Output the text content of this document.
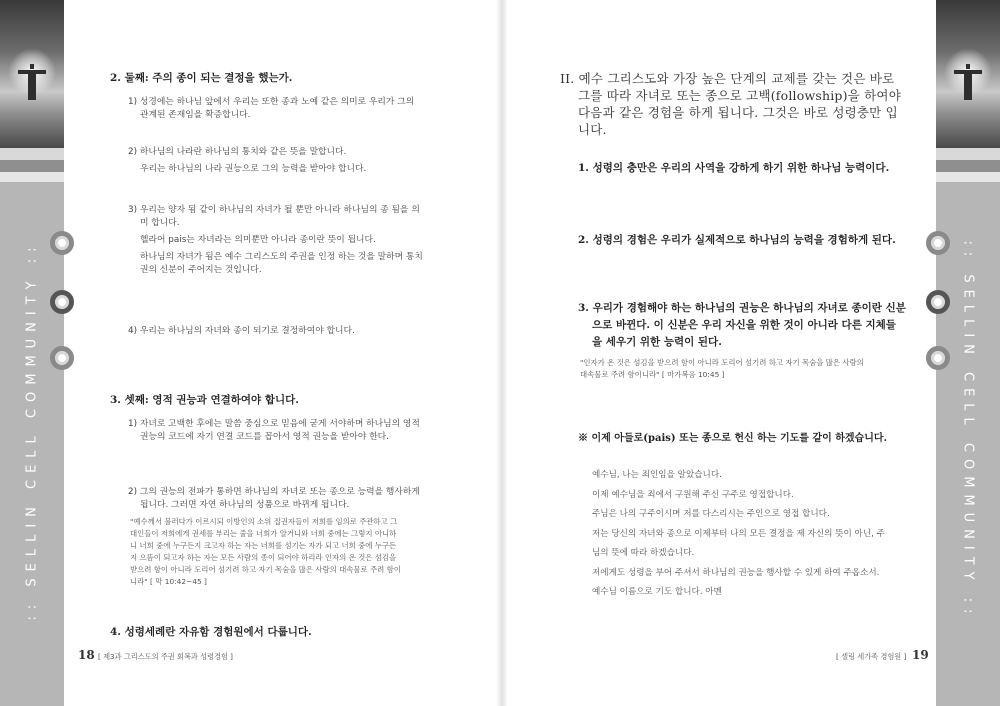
:: SELLIN CELL COMMUNITY ::	:: SELLIN CELL COMMUNITY ::
2. 둘째: 주의 종이 되는 결정을 했는가.
1) 성경에는 하나님 앞에서 우리는 또한 종과 노예 같은 의미로 우리가 그의
관계된 존재임을 확증합니다.
2) 하나님의 나라란 하나님의 통치와 같은 뜻을 말합니다.
우리는 하나님의 나라 권능으로 그의 능력을 받아야 합니다.
3) 우리는 양자 됨 같이 하나님의 자녀가 될 뿐만 아니라 하나님의 종 됨을 의
미 합니다.
헬라어 pais는 자녀라는 의미뿐만 아니라 종이란 뜻이 됩니다.
하나님의 자녀가 됨은 예수 그리스도의 주권을 인정 하는 것을 말하며 통치
권의 신분이 주어지는 것입니다.
4) 우리는 하나님의 자녀와 종이 되기로 결정하여야 합니다.
3. 셋째: 영적 권능과 연결하여야 합니다.
1) 자녀로 고백한 후에는 말씀 중심으로 믿음에 굳게 서야하며 하나님의 영적
권능의 코드에 자기 연결 코드를 꼽아서 영적 권능을 받아야 한다.
2) 그의 권능의 전파가 통하면 하나님의 자녀로 또는 종으로 능력을 행사하게
됩니다. 그러면 자연 하나님의 성품으로 바뀌게 됩니다.
"예수께서 불러다가 이르시되 이방인의 소위 집권자들이 저희를 임의로 주관하고 그
대인들이 저희에게 권세를 부리는 줄을 너희가 알거니와 너희 중에는 그렇지 아니하
니 너희 중에 누구든지 크고자 하는 자는 너희를 섬기는 자가 되고 너희 중에 누구든
지 으뜸이 되고자 하는 자는 모든 사람의 종이 되어야 하리라 인자의 온 것은 섬김을
받으려 함이 아니라 도리어 섬기려 하고 자기 목숨을 많은 사람의 대속물로 주려 함이
니라" [ 막 10:42~45 ]
4. 성령세례란 자유함 경험원에서 다룹니다.
18 [ 제3과 그리스도의 주권 회복과 성령경험 ]
II. 예수 그리스도와 가장 높은 단계의 교제를 갖는 것은 바로
그를 따라 자녀로 또는 종으로 고백(followship)을 하여야
다음과 같은 경험을 하게 됩니다. 그것은 바로 성령충만 입
니다.
1. 성령의 충만은 우리의 사역을 강하게 하기 위한 하나님 능력이다.
2. 성령의 경험은 우리가 실제적으로 하나님의 능력을 경험하게 된다.
3. 우리가 경험해야 하는 하나님의 권능은 하나님의 자녀로 종이란 신분
으로 바뀐다. 이 신분은 우리 자신을 위한 것이 아니라 다른 지체들
을 세우기 위한 능력이 된다.
"인자가 온 것은 섬김을 받으려 함이 아니라 도리어 섬기려 하고 자기 목숨을 많은 사람의
대속물로 주려 함이니라" [ 마가복음 10:45 ]
※ 이제 아들로(pais) 또는 종으로 헌신 하는 기도를 같이 하겠습니다.
예수님, 나는 죄인임을 알았습니다.
이제 예수님을 죄에서 구원해 주신 구주로 영접합니다.
주님은 나의 구주이시며 저를 다스리시는 주인으로 영접 합니다.
저는 당신의 자녀와 종으로 이제부터 나의 모든 결정을 제 자신의 뜻이 아닌, 주
님의 뜻에 따라 하겠습니다.
저에게도 성령을 부어 주셔서 하나님의 권능을 행사할 수 있게 하여 주옵소서.
예수님 이름으로 기도 합니다. 아멘
[ 셀링 세가족 경험원 ] 19
